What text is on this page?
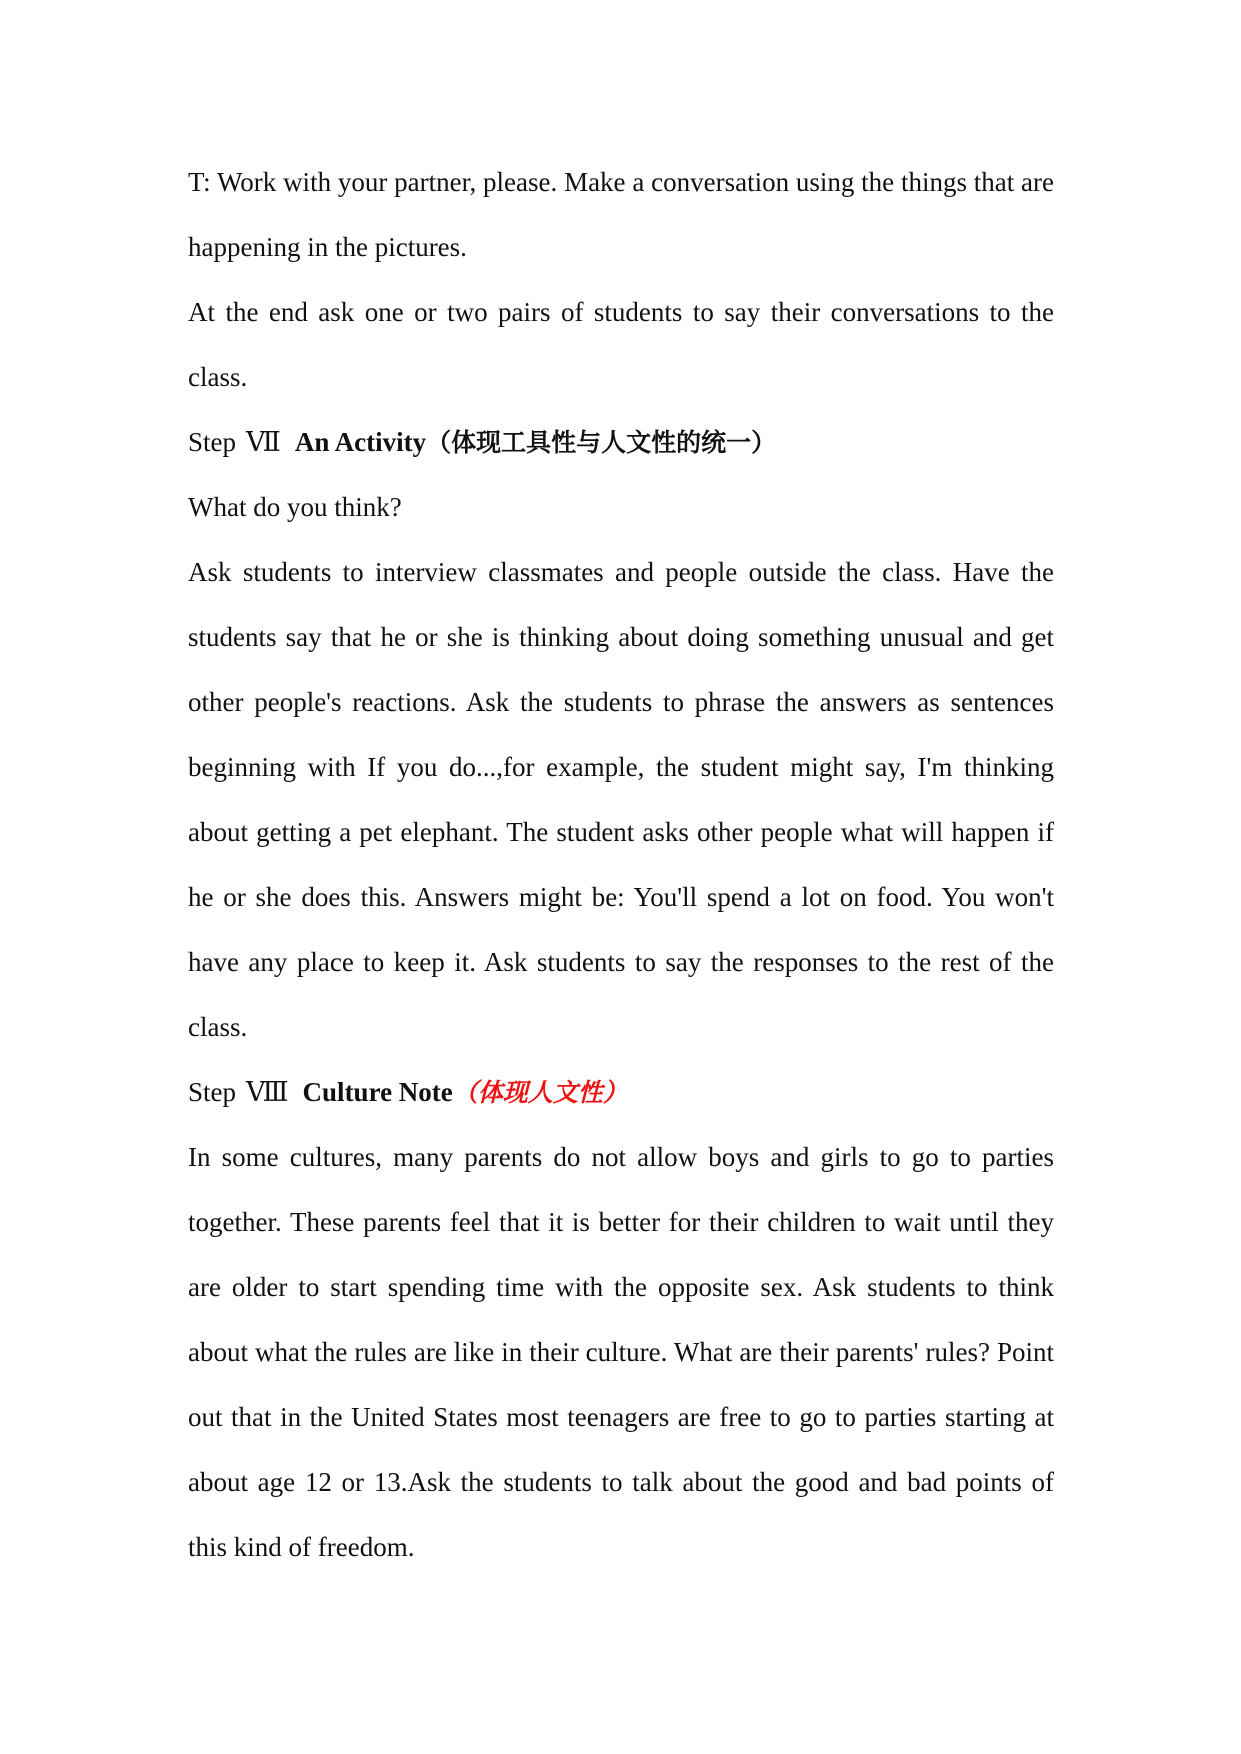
T: Work with your partner, please. Make a conversation using the things that are happening in the pictures.

At the end ask one or two pairs of students to say their conversations to the class.

Step Ⅶ An Activity（体现工具性与人文性的统一）

What do you think?

Ask students to interview classmates and people outside the class. Have the students say that he or she is thinking about doing something unusual and get other people's reactions. Ask the students to phrase the answers as sentences beginning with If you do...,for example, the student might say, I'm thinking about getting a pet elephant. The student asks other people what will happen if he or she does this. Answers might be: You'll spend a lot on food. You won't have any place to keep it. Ask students to say the responses to the rest of the class.

Step Ⅷ Culture Note（体现人文性）

In some cultures, many parents do not allow boys and girls to go to parties together. These parents feel that it is better for their children to wait until they are older to start spending time with the opposite sex. Ask students to think about what the rules are like in their culture. What are their parents' rules? Point out that in the United States most teenagers are free to go to parties starting at about age 12 or 13.Ask the students to talk about the good and bad points of this kind of freedom.
